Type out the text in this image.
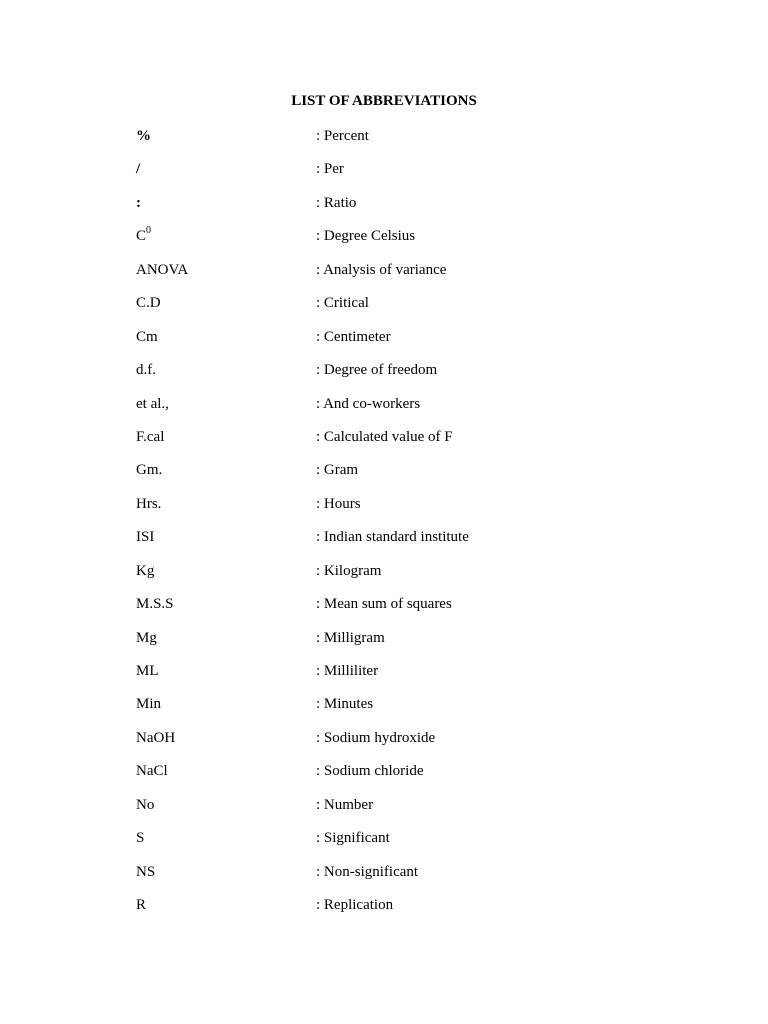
LIST OF ABBREVIATIONS
%	: Percent
/	: Per
:	: Ratio
$C^0$	: Degree Celsius
ANOVA	: Analysis of variance
C.D	: Critical
Cm	: Centimeter
d.f.	: Degree of freedom
et al.,	: And co-workers
F.cal	: Calculated value of F
Gm.	: Gram
Hrs.	: Hours
ISI	: Indian standard institute
Kg	: Kilogram
M.S.S	: Mean sum of squares
Mg	: Milligram
ML	: Milliliter
Min	: Minutes
NaOH	: Sodium hydroxide
NaCl	: Sodium chloride
No	: Number
S	: Significant
NS	: Non-significant
R	: Replication
